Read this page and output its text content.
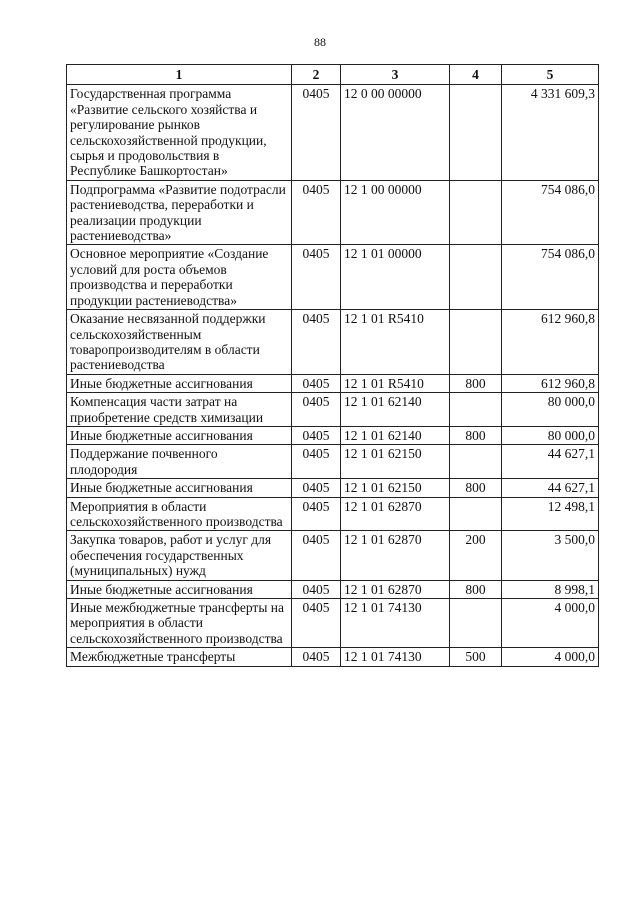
88
1	2	3	4	5
Государственная программа «Развитие сельского хозяйства и регулирование рынков сельскохозяйственной продукции, сырья и продовольствия в Республике Башкортостан»	0405	12 0 00 00000		4 331 609,3
Подпрограмма «Развитие подотрасли растениеводства, переработки и реализации продукции растениеводства»	0405	12 1 00 00000		754 086,0
Основное мероприятие «Создание условий для роста объемов производства и переработки продукции растениеводства»	0405	12 1 01 00000		754 086,0
Оказание несвязанной поддержки сельскохозяйственным товаропроизводителям в области растениеводства	0405	12 1 01 R5410		612 960,8
Иные бюджетные ассигнования	0405	12 1 01 R5410	800	612 960,8
Компенсация части затрат на приобретение средств химизации	0405	12 1 01 62140		80 000,0
Иные бюджетные ассигнования	0405	12 1 01 62140	800	80 000,0
Поддержание почвенного плодородия	0405	12 1 01 62150		44 627,1
Иные бюджетные ассигнования	0405	12 1 01 62150	800	44 627,1
Мероприятия в области сельскохозяйственного производства	0405	12 1 01 62870		12 498,1
Закупка товаров, работ и услуг для обеспечения государственных (муниципальных) нужд	0405	12 1 01 62870	200	3 500,0
Иные бюджетные ассигнования	0405	12 1 01 62870	800	8 998,1
Иные межбюджетные трансферты на мероприятия в области сельскохозяйственного производства	0405	12 1 01 74130		4 000,0
Межбюджетные трансферты	0405	12 1 01 74130	500	4 000,0
